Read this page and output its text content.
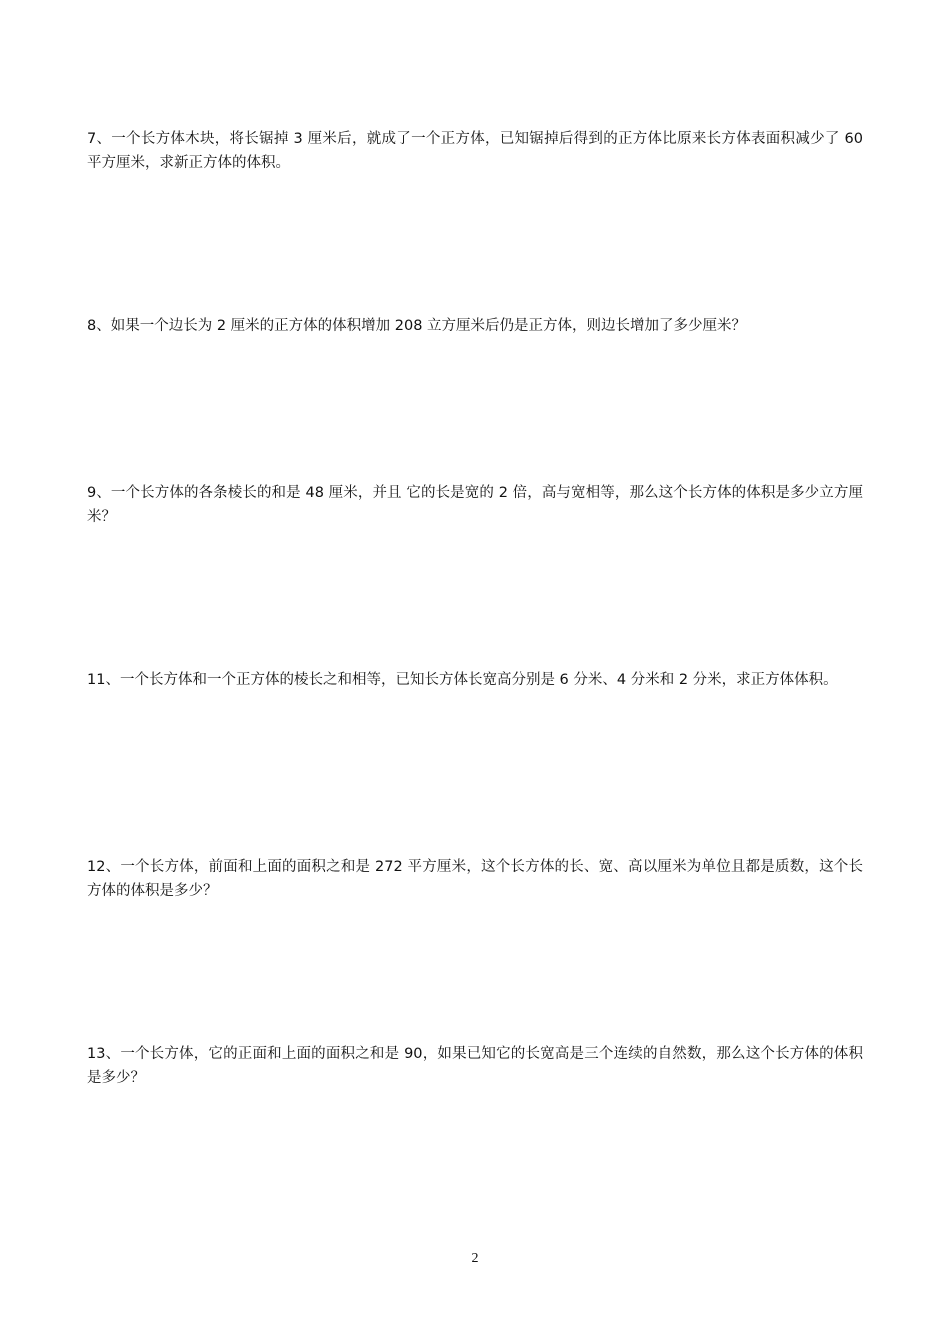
7、一个长方体木块，将长锯掉 3 厘米后，就成了一个正方体，已知锯掉后得到的正方体比原来长方体表面积减少了 60 平方厘米，求新正方体的体积。
8、如果一个边长为 2 厘米的正方体的体积增加 208 立方厘米后仍是正方体，则边长增加了多少厘米？
9、一个长方体的各条棱长的和是 48 厘米，并且 它的长是宽的 2 倍，高与宽相等，那么这个长方体的体积是多少立方厘米？
11、一个长方体和一个正方体的棱长之和相等，已知长方体长宽高分别是 6 分米、4 分米和 2 分米，求正方体体积。
12、一个长方体，前面和上面的面积之和是 272 平方厘米，这个长方体的长、宽、高以厘米为单位且都是质数，这个长方体的体积是多少？
13、一个长方体，它的正面和上面的面积之和是 90，如果已知它的长宽高是三个连续的自然数，那么这个长方体的体积是多少？
2
